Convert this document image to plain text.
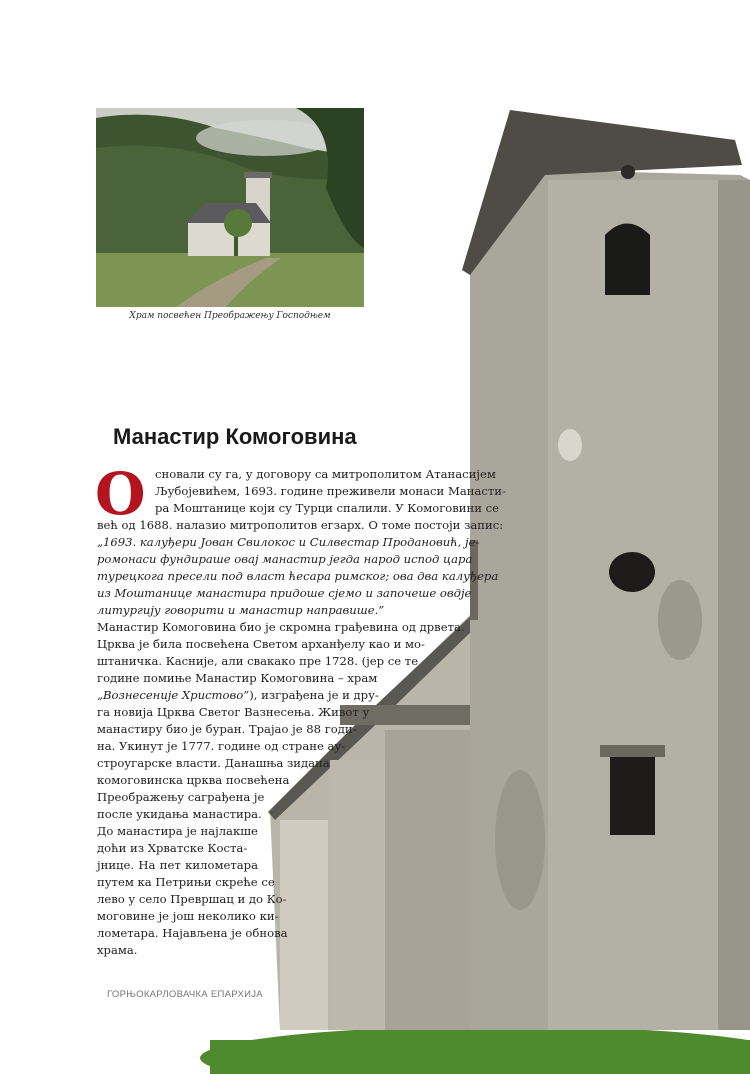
Храм посвећен Преображењу Господњем
Манастир Комогoвина
О сновали су га, у договору са митрополитом Атанасијем
Љубојевићем, 1693. године преживели монаси Манасти-
ра Моштанице који су Турци спалили. У Комоговини се
већ од 1688. налазио митрополитов егзарх. О томе постоји запис:
„1693. калуђери Јован Свилокос и Силвестар Продановић, је-
ромонаси фундираше овај манастир јегда народ испод цара
турецкога пресели под власт ћесара римског; ова два калуђера
из Моштанице манастира придоше сјемо и започеше овдје
литургију говорити и манастир направише.”
Манастир Комоговина био је скромна грађевина од дрвета.
Црква је била посвећена Светом арханђелу као и мо-
штаничка. Касније, али свакако пре 1728. (јер се те
године помиње Манастир Комоговина – храм
„Вознесеније Христово”), изграђена је и дру-
га новија Црква Светог Вазнесења. Живот у
манастиру био је буран. Трајао је 88 годи-
на. Укинут је 1777. године од стране ау-
строугарске власти. Данашња зидана
комоговинска црква посвећена
Преображењу саграђена је
после укидања манастира.
До манастира је најлакше
доћи из Хрватске Коста-
јнице. На пет километара
путем ка Петрињи скреће се
лево у село Превршац и до Ко-
моговине је још неколико ки-
лометара. Најављена је обнова
храма.
ГОРЊОКАРЛОВАЧКА ЕПАРХИЈА
